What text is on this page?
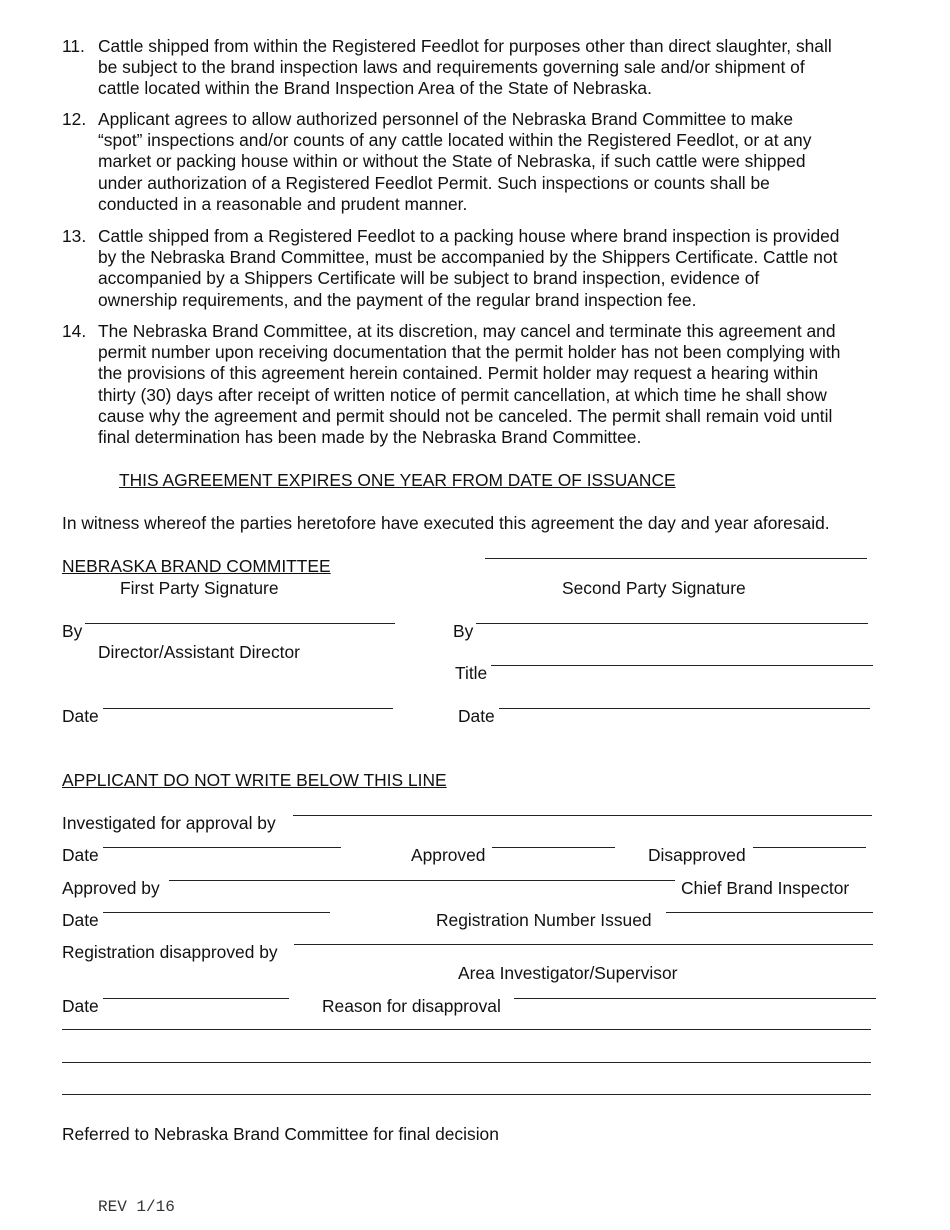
11. Cattle shipped from within the Registered Feedlot for purposes other than direct slaughter, shall
be subject to the brand inspection laws and requirements governing sale and/or shipment of
cattle located within the Brand Inspection Area of the State of Nebraska.
12. Applicant agrees to allow authorized personnel of the Nebraska Brand Committee to make
“spot” inspections and/or counts of any cattle located within the Registered Feedlot, or at any
market or packing house within or without the State of Nebraska, if such cattle were shipped
under authorization of a Registered Feedlot Permit. Such inspections or counts shall be
conducted in a reasonable and prudent manner.
13. Cattle shipped from a Registered Feedlot to a packing house where brand inspection is provided
by the Nebraska Brand Committee, must be accompanied by the Shippers Certificate. Cattle not
accompanied by a Shippers Certificate will be subject to brand inspection, evidence of
ownership requirements, and the payment of the regular brand inspection fee.
14. The Nebraska Brand Committee, at its discretion, may cancel and terminate this agreement and
permit number upon receiving documentation that the permit holder has not been complying with
the provisions of this agreement herein contained. Permit holder may request a hearing within
thirty (30) days after receipt of written notice of permit cancellation, at which time he shall show
cause why the agreement and permit should not be canceled. The permit shall remain void until
final determination has been made by the Nebraska Brand Committee.
THIS AGREEMENT EXPIRES ONE YEAR FROM DATE OF ISSUANCE
In witness whereof the parties heretofore have executed this agreement the day and year aforesaid.
NEBRASKA BRAND COMMITTEE
First Party Signature	Second Party Signature
By	By
Director/Assistant Director
Title
Date	Date
APPLICANT DO NOT WRITE BELOW THIS LINE
Investigated for approval by
Date	Approved	Disapproved
Approved by	Chief Brand Inspector
Date	Registration Number Issued
Registration disapproved by
Area Investigator/Supervisor
Date	Reason for disapproval
Referred to Nebraska Brand Committee for final decision
REV 1/16
